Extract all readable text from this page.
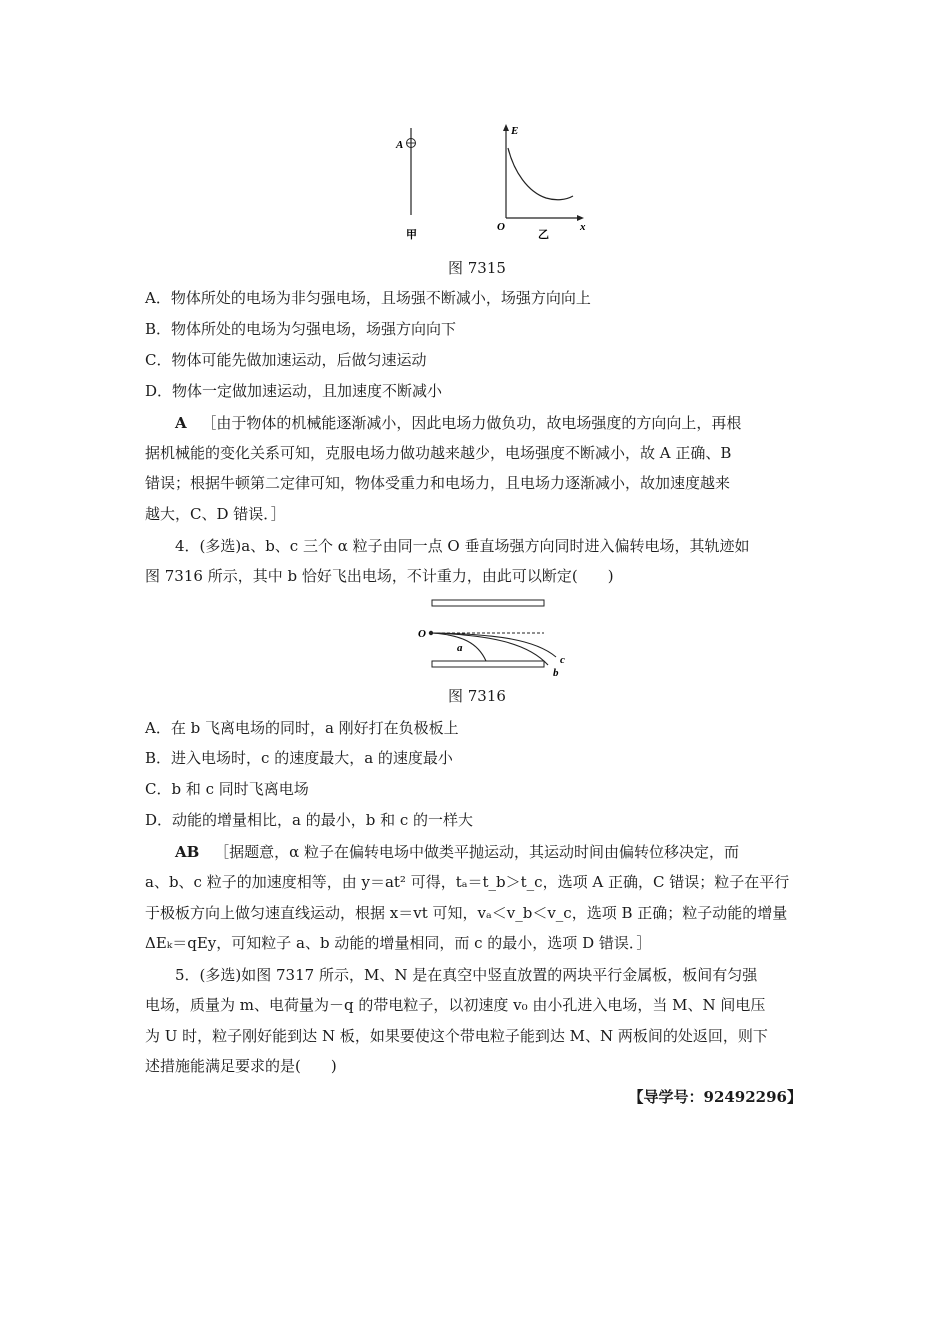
A
甲
E
x
O
乙
图 7315
A．物体所处的电场为非匀强电场，且场强不断减小，场强方向向上
B．物体所处的电场为匀强电场，场强方向向下
C．物体可能先做加速运动，后做匀速运动
D．物体一定做加速运动，且加速度不断减小
A ［由于物体的机械能逐渐减小，因此电场力做负功，故电场强度的方向向上，再根
据机械能的变化关系可知，克服电场力做功越来越少，电场强度不断减小，故 A 正确、B
错误；根据牛顿第二定律可知，物体受重力和电场力，且电场力逐渐减小，故加速度越来
越大，C、D 错误．］
4．(多选)a、b、c 三个 α 粒子由同一点 O 垂直场强方向同时进入偏转电场，其轨迹如
图 7316 所示，其中 b 恰好飞出电场，不计重力，由此可以断定(　　)
O
a
c
b
图 7316
A．在 b 飞离电场的同时，a 刚好打在负极板上
B．进入电场时，c 的速度最大，a 的速度最小
C．b 和 c 同时飞离电场
D．动能的增量相比，a 的最小，b 和 c 的一样大
AB ［据题意，α 粒子在偏转电场中做类平抛运动，其运动时间由偏转位移决定，而
a、b、c 粒子的加速度相等，由 y＝at² 可得，tₐ＝t_b＞t_c，选项 A 正确，C 错误；粒子在平行
于极板方向上做匀速直线运动，根据 x＝vt 可知，vₐ＜v_b＜v_c，选项 B 正确；粒子动能的增量
ΔEₖ＝qEy，可知粒子 a、b 动能的增量相同，而 c 的最小，选项 D 错误．］
5．(多选)如图 7317 所示，M、N 是在真空中竖直放置的两块平行金属板，板间有匀强
电场，质量为 m、电荷量为－q 的带电粒子，以初速度 v₀ 由小孔进入电场，当 M、N 间电压
为 U 时，粒子刚好能到达 N 板，如果要使这个带电粒子能到达 M、N 两板间的处返回，则下
述措施能满足要求的是(　　)
【导学号：92492296】
